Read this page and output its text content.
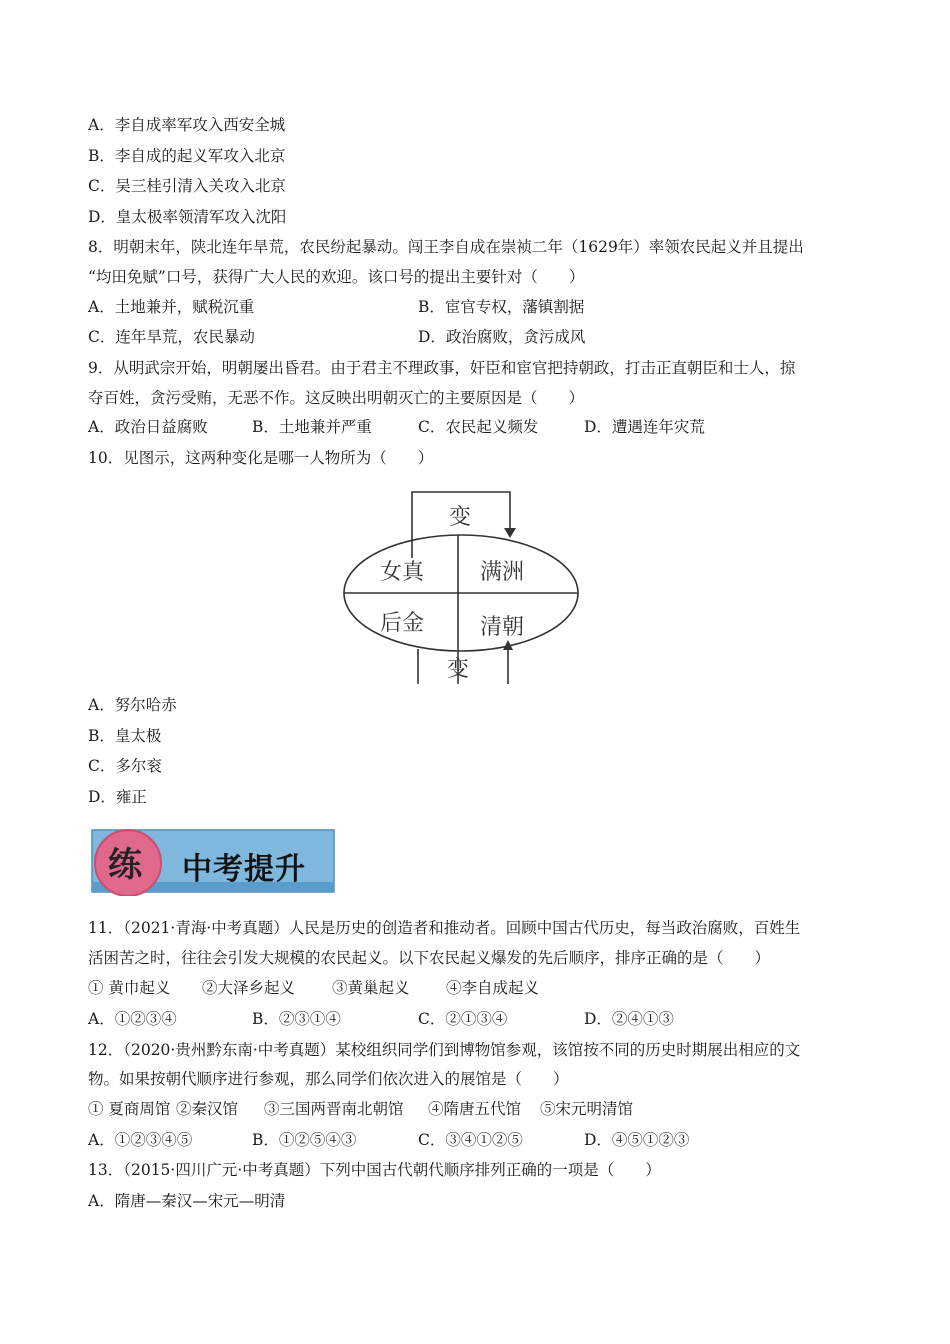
A．李自成率军攻入西安全城
B．李自成的起义军攻入北京
C．吴三桂引清入关攻入北京
D．皇太极率领清军攻入沈阳
8．明朝末年，陕北连年旱荒，农民纷起暴动。闯王李自成在崇祯二年（1629年）率领农民起义并且提出
“均田免赋”口号，获得广大人民的欢迎。该口号的提出主要针对（　　）
A．土地兼并，赋税沉重	B．宦官专权，藩镇割据
C．连年旱荒，农民暴动	D．政治腐败，贪污成风
9．从明武宗开始，明朝屡出昏君。由于君主不理政事，奸臣和宦官把持朝政，打击正直朝臣和士人，掠
夺百姓，贪污受贿，无恶不作。这反映出明朝灭亡的主要原因是（　　）
A．政治日益腐败	B．土地兼并严重	C．农民起义频发	D．遭遇连年灾荒
10．见图示，这两种变化是哪一人物所为（　　）
变
女真	满洲
后金	清朝
变
A．努尔哈赤
B．皇太极
C．多尔衮
D．雍正
练 中考提升
11．（2021·青海·中考真题）人民是历史的创造者和推动者。回顾中国古代历史，每当政治腐败，百姓生
活困苦之时，往往会引发大规模的农民起义。以下农民起义爆发的先后顺序，排序正确的是（　　）
① 黄巾起义 ②大泽乡起义 ③黄巢起义 ④李自成起义
A．①②③④	B．②③①④	C．②①③④	D．②④①③
12．（2020·贵州黔东南·中考真题）某校组织同学们到博物馆参观，该馆按不同的历史时期展出相应的文
物。如果按朝代顺序进行参观，那么同学们依次进入的展馆是（　　）
① 夏商周馆 ②秦汉馆 ③三国两晋南北朝馆 ④隋唐五代馆 ⑤宋元明清馆
A．①②③④⑤	B．①②⑤④③	C．③④①②⑤	D．④⑤①②③
13．（2015·四川广元·中考真题）下列中国古代朝代顺序排列正确的一项是（　　）
A．隋唐—秦汉—宋元—明清
